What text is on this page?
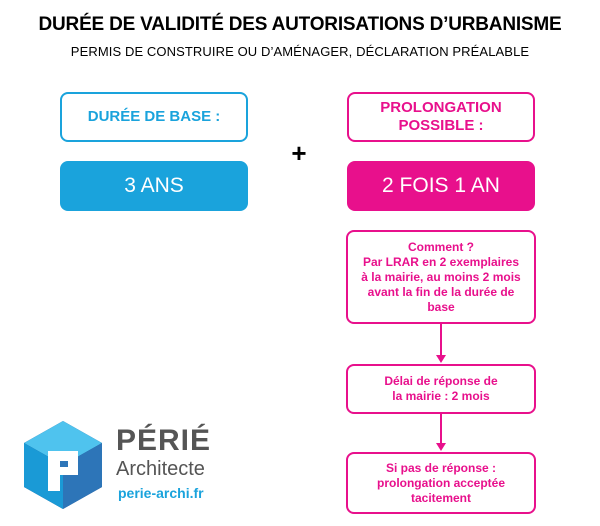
DURÉE DE VALIDITÉ DES AUTORISATIONS D’URBANISME
PERMIS DE CONSTRUIRE OU D’AMÉNAGER, DÉCLARATION PRÉALABLE
DURÉE DE BASE :
3 ANS
+
PROLONGATION
POSSIBLE :
2 FOIS 1 AN
Comment ?
Par LRAR en 2 exemplaires
à la mairie, au moins 2 mois
avant la fin de la durée de
base
Délai de réponse de
la mairie : 2 mois
Si pas de réponse :
prolongation acceptée
tacitement
PÉRIÉ
Architecte
perie-archi.fr
